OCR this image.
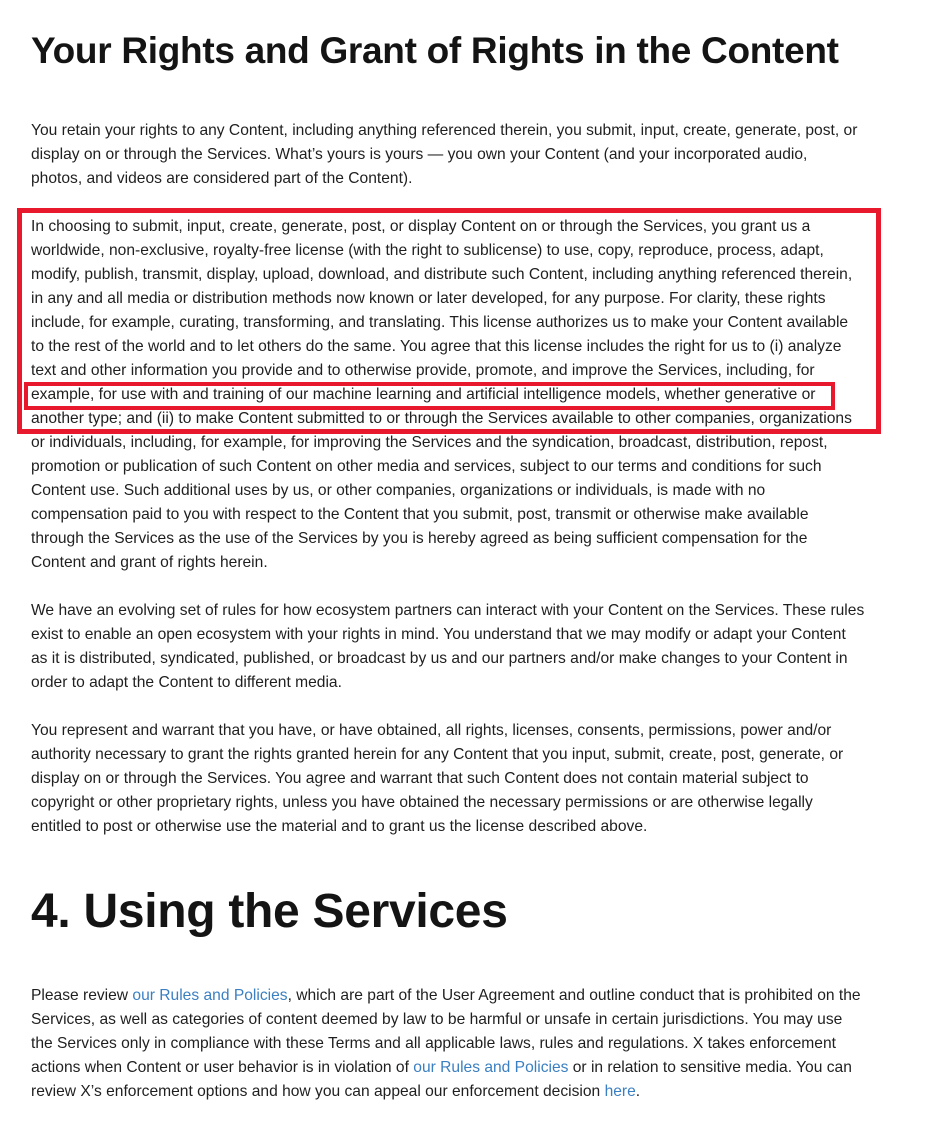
Your Rights and Grant of Rights in the Content

You retain your rights to any Content, including anything referenced therein, you submit, input, create, generate, post, or
display on or through the Services. What’s yours is yours — you own your Content (and your incorporated audio,
photos, and videos are considered part of the Content).

In choosing to submit, input, create, generate, post, or display Content on or through the Services, you grant us a
worldwide, non-exclusive, royalty-free license (with the right to sublicense) to use, copy, reproduce, process, adapt,
modify, publish, transmit, display, upload, download, and distribute such Content, including anything referenced therein,
in any and all media or distribution methods now known or later developed, for any purpose. For clarity, these rights
include, for example, curating, transforming, and translating. This license authorizes us to make your Content available
to the rest of the world and to let others do the same. You agree that this license includes the right for us to (i) analyze
text and other information you provide and to otherwise provide, promote, and improve the Services, including, for
example, for use with and training of our machine learning and artificial intelligence models, whether generative or
another type; and (ii) to make Content submitted to or through the Services available to other companies, organizations
or individuals, including, for example, for improving the Services and the syndication, broadcast, distribution, repost,
promotion or publication of such Content on other media and services, subject to our terms and conditions for such
Content use. Such additional uses by us, or other companies, organizations or individuals, is made with no
compensation paid to you with respect to the Content that you submit, post, transmit or otherwise make available
through the Services as the use of the Services by you is hereby agreed as being sufficient compensation for the
Content and grant of rights herein.

We have an evolving set of rules for how ecosystem partners can interact with your Content on the Services. These rules
exist to enable an open ecosystem with your rights in mind. You understand that we may modify or adapt your Content
as it is distributed, syndicated, published, or broadcast by us and our partners and/or make changes to your Content in
order to adapt the Content to different media.

You represent and warrant that you have, or have obtained, all rights, licenses, consents, permissions, power and/or
authority necessary to grant the rights granted herein for any Content that you input, submit, create, post, generate, or
display on or through the Services. You agree and warrant that such Content does not contain material subject to
copyright or other proprietary rights, unless you have obtained the necessary permissions or are otherwise legally
entitled to post or otherwise use the material and to grant us the license described above.

4. Using the Services

Please review our Rules and Policies, which are part of the User Agreement and outline conduct that is prohibited on the
Services, as well as categories of content deemed by law to be harmful or unsafe in certain jurisdictions. You may use
the Services only in compliance with these Terms and all applicable laws, rules and regulations. X takes enforcement
actions when Content or user behavior is in violation of our Rules and Policies or in relation to sensitive media. You can
review X’s enforcement options and how you can appeal our enforcement decision here.
